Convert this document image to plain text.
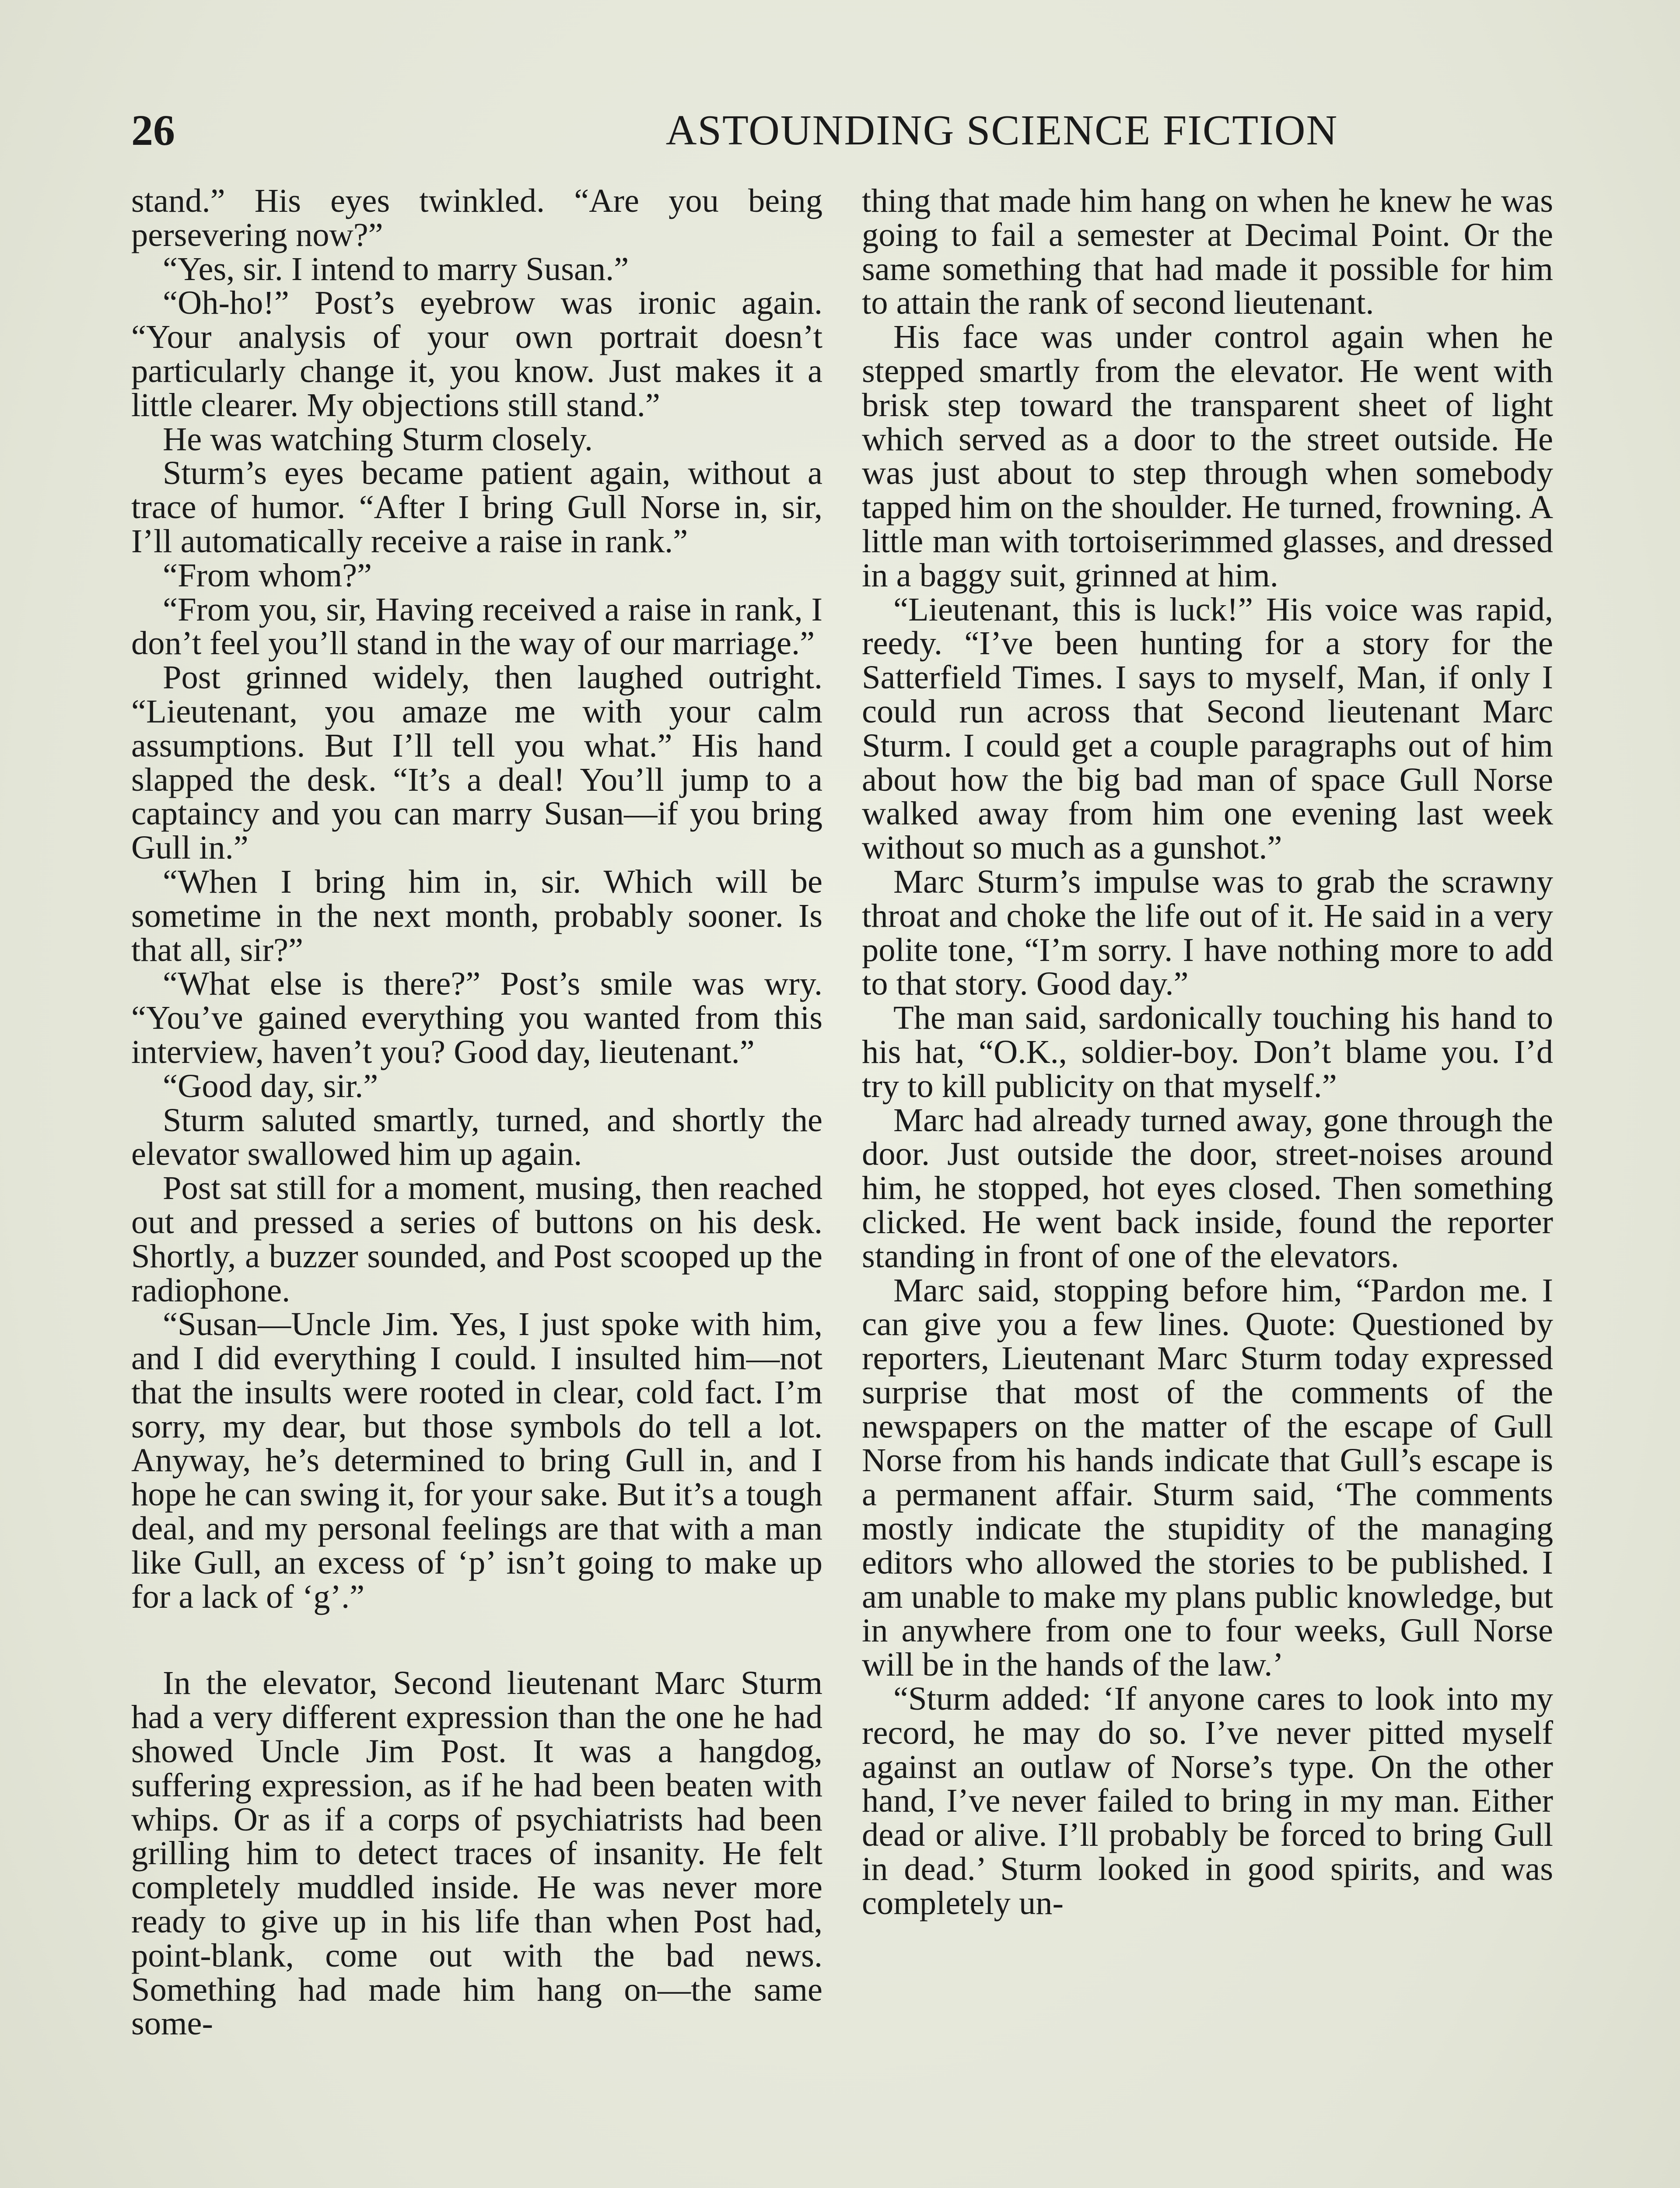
26	ASTOUNDING SCIENCE FICTION

stand.” His eyes twinkled. “Are you being persevering now?”

“Yes, sir. I intend to marry Susan.”

“Oh-ho!” Post’s eyebrow was ironic again. “Your analysis of your own portrait doesn’t particularly change it, you know. Just makes it a little clearer. My objections still stand.”

He was watching Sturm closely.

Sturm’s eyes became patient again, without a trace of humor. “After I bring Gull Norse in, sir, I’ll automatically receive a raise in rank.”

“From whom?”

“From you, sir, Having received a raise in rank, I don’t feel you’ll stand in the way of our marriage.”

Post grinned widely, then laughed outright. “Lieutenant, you amaze me with your calm assumptions. But I’ll tell you what.” His hand slapped the desk. “It’s a deal! You’ll jump to a captaincy and you can marry Susan—if you bring Gull in.”

“When I bring him in, sir. Which will be sometime in the next month, probably sooner. Is that all, sir?”

“What else is there?” Post’s smile was wry. “You’ve gained everything you wanted from this interview, haven’t you? Good day, lieutenant.”

“Good day, sir.”

Sturm saluted smartly, turned, and shortly the elevator swallowed him up again.

Post sat still for a moment, musing, then reached out and pressed a series of buttons on his desk. Shortly, a buzzer sounded, and Post scooped up the radiophone.

“Susan—Uncle Jim. Yes, I just spoke with him, and I did everything I could. I insulted him—not that the insults were rooted in clear, cold fact. I’m sorry, my dear, but those symbols do tell a lot. Anyway, he’s determined to bring Gull in, and I hope he can swing it, for your sake. But it’s a tough deal, and my personal feelings are that with a man like Gull, an excess of ‘p’ isn’t going to make up for a lack of ‘g’.”

In the elevator, Second lieutenant Marc Sturm had a very different expression than the one he had showed Uncle Jim Post. It was a hangdog, suffering expression, as if he had been beaten with whips. Or as if a corps of psychiatrists had been grilling him to detect traces of insanity. He felt completely muddled inside. He was never more ready to give up in his life than when Post had, point-blank, come out with the bad news. Something had made him hang on—the same some-

thing that made him hang on when he knew he was going to fail a semester at Decimal Point. Or the same something that had made it possible for him to attain the rank of second lieutenant.

His face was under control again when he stepped smartly from the elevator. He went with brisk step toward the transparent sheet of light which served as a door to the street outside. He was just about to step through when somebody tapped him on the shoulder. He turned, frowning. A little man with tortoiserimmed glasses, and dressed in a baggy suit, grinned at him.

“Lieutenant, this is luck!” His voice was rapid, reedy. “I’ve been hunting for a story for the Satterfield Times. I says to myself, Man, if only I could run across that Second lieutenant Marc Sturm. I could get a couple paragraphs out of him about how the big bad man of space Gull Norse walked away from him one evening last week without so much as a gunshot.”

Marc Sturm’s impulse was to grab the scrawny throat and choke the life out of it. He said in a very polite tone, “I’m sorry. I have nothing more to add to that story. Good day.”

The man said, sardonically touching his hand to his hat, “O.K., soldier-boy. Don’t blame you. I’d try to kill publicity on that myself.”

Marc had already turned away, gone through the door. Just outside the door, street-noises around him, he stopped, hot eyes closed. Then something clicked. He went back inside, found the reporter standing in front of one of the elevators.

Marc said, stopping before him, “Pardon me. I can give you a few lines. Quote: Questioned by reporters, Lieutenant Marc Sturm today expressed surprise that most of the comments of the newspapers on the matter of the escape of Gull Norse from his hands indicate that Gull’s escape is a permanent affair. Sturm said, ‘The comments mostly indicate the stupidity of the managing editors who allowed the stories to be published. I am unable to make my plans public knowledge, but in anywhere from one to four weeks, Gull Norse will be in the hands of the law.’

“Sturm added: ‘If anyone cares to look into my record, he may do so. I’ve never pitted myself against an outlaw of Norse’s type. On the other hand, I’ve never failed to bring in my man. Either dead or alive. I’ll probably be forced to bring Gull in dead.’ Sturm looked in good spirits, and was completely un-
